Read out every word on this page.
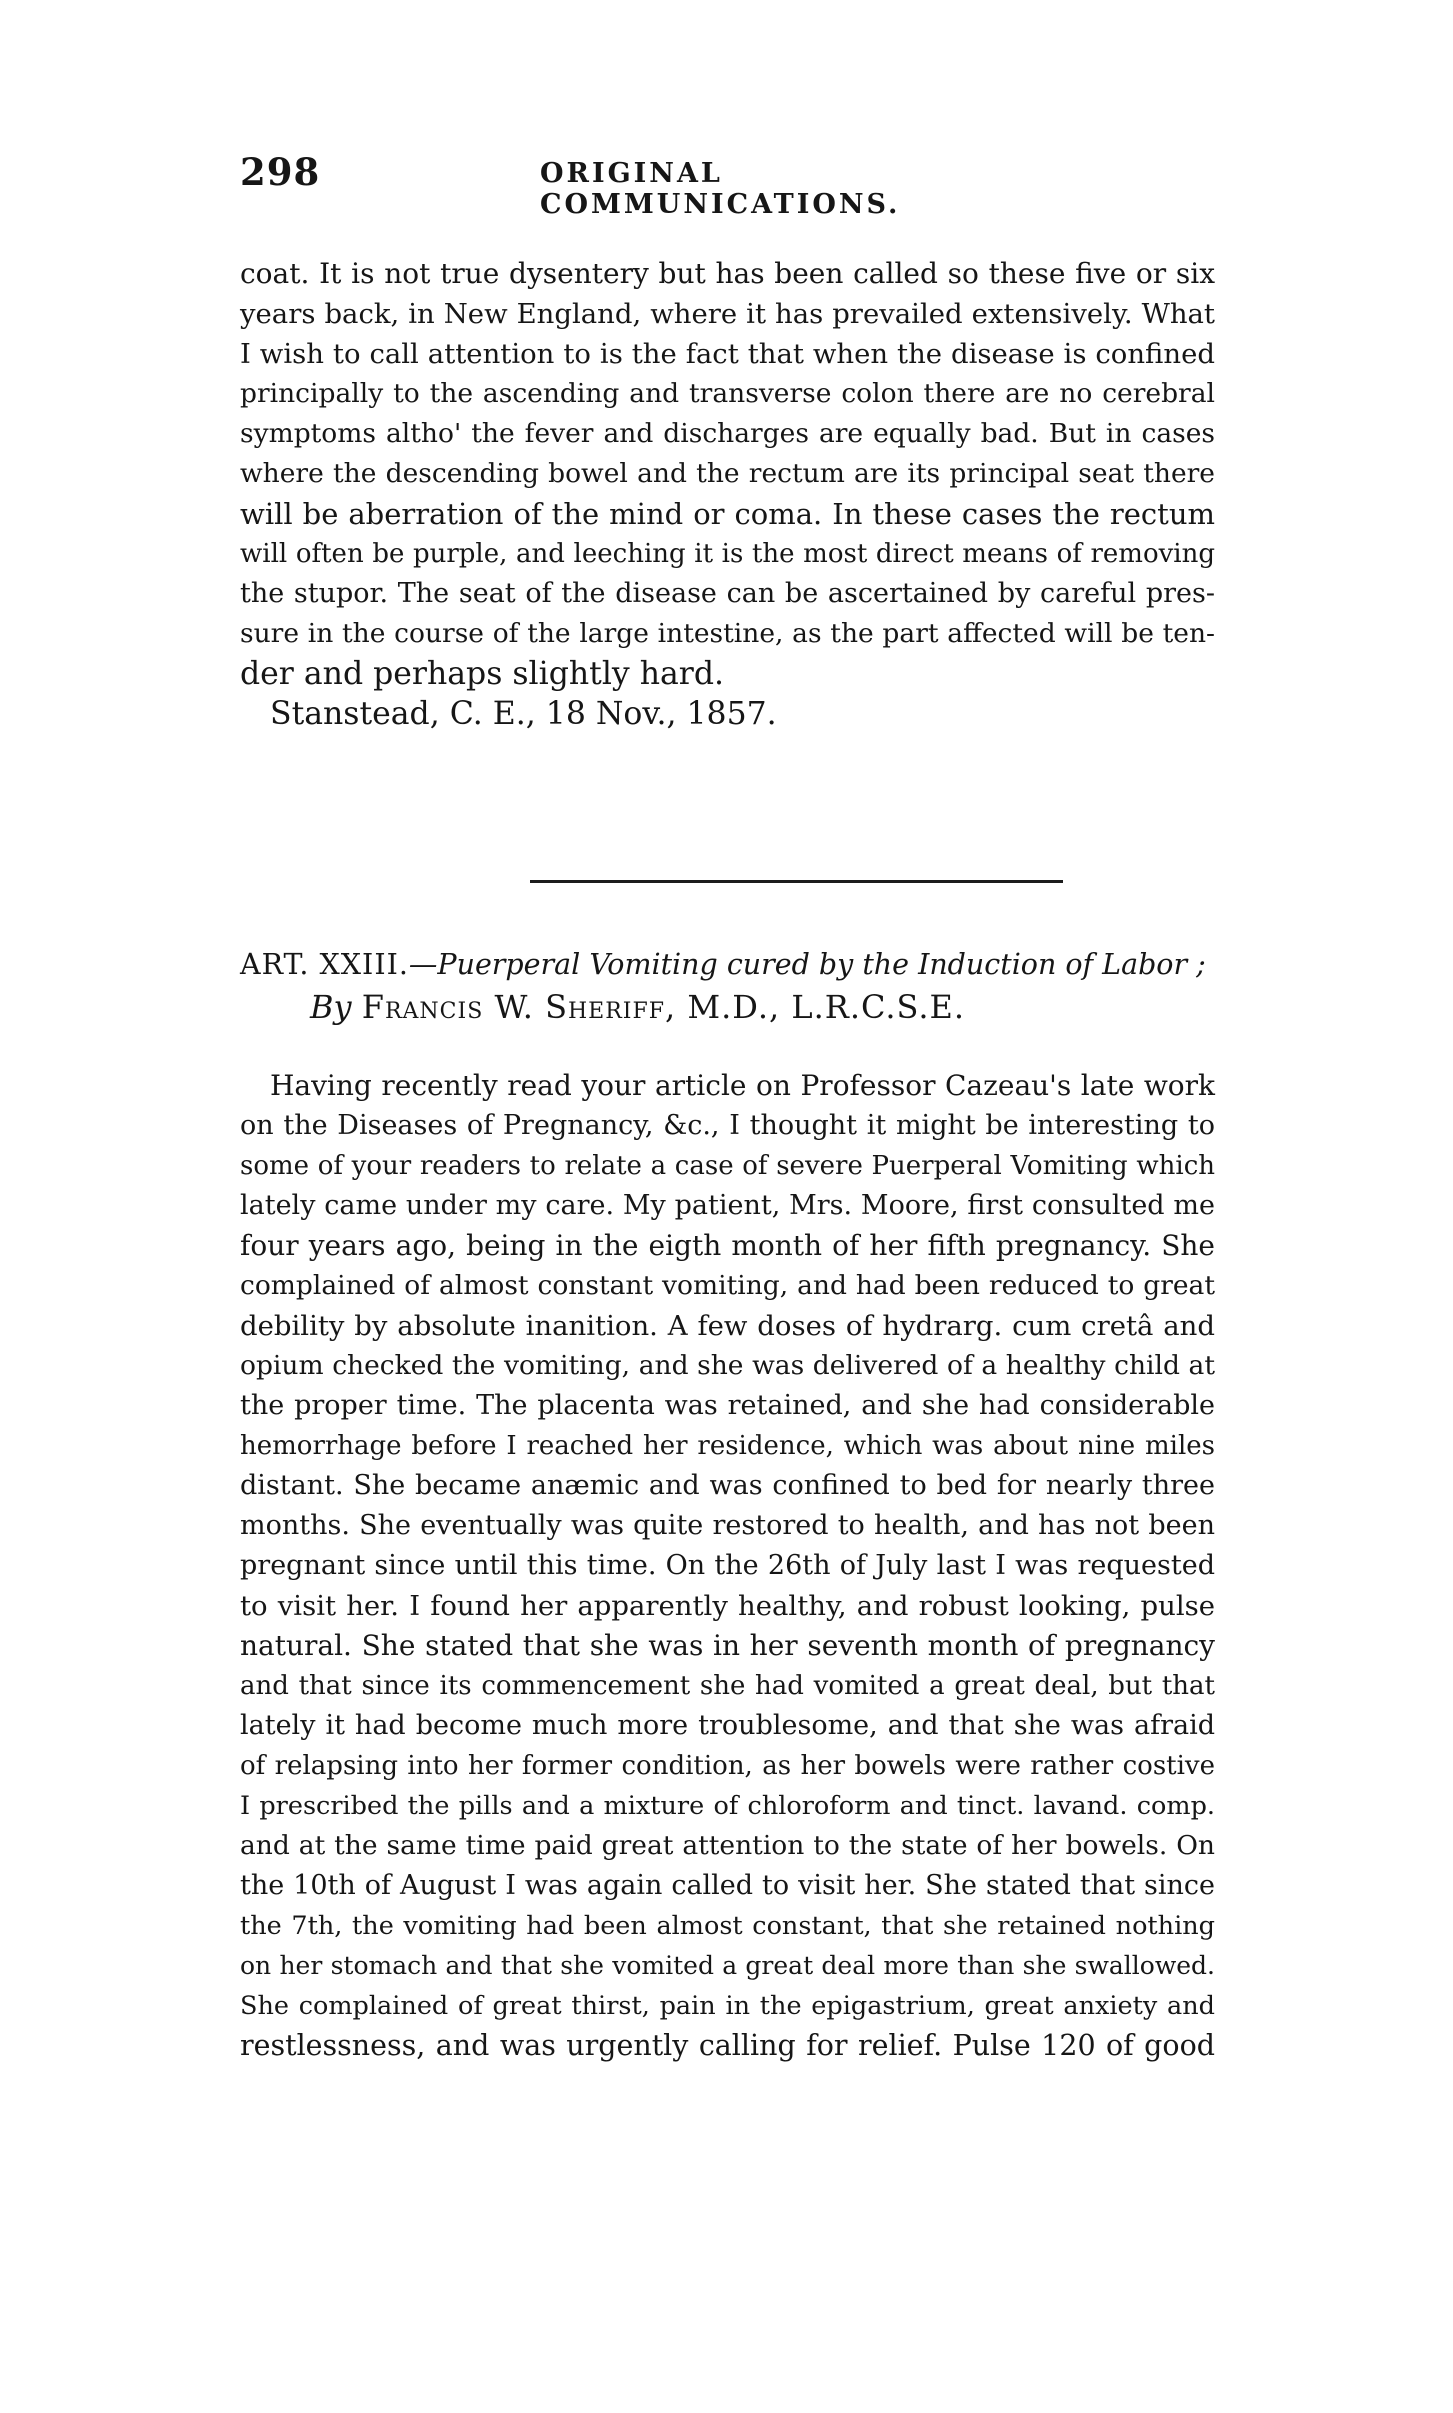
298	ORIGINAL COMMUNICATIONS.
coat. It is not true dysentery but has been called so these five or six
years back, in New England, where it has prevailed extensively. What
I wish to call attention to is the fact that when the disease is confined
principally to the ascending and transverse colon there are no cerebral
symptoms altho' the fever and discharges are equally bad. But in cases
where the descending bowel and the rectum are its principal seat there
will be aberration of the mind or coma. In these cases the rectum
will often be purple, and leeching it is the most direct means of removing
the stupor. The seat of the disease can be ascertained by careful pres-
sure in the course of the large intestine, as the part affected will be ten-
der and perhaps slightly hard.
Stanstead, C. E., 18 Nov., 1857.
ART. XXIII.—Puerperal Vomiting cured by the Induction of Labor ;
By Francis W. Sheriff, M.D., L.R.C.S.E.
Having recently read your article on Professor Cazeau's late work
on the Diseases of Pregnancy, &c., I thought it might be interesting to
some of your readers to relate a case of severe Puerperal Vomiting which
lately came under my care. My patient, Mrs. Moore, first consulted me
four years ago, being in the eigth month of her fifth pregnancy. She
complained of almost constant vomiting, and had been reduced to great
debility by absolute inanition. A few doses of hydrarg. cum cretâ and
opium checked the vomiting, and she was delivered of a healthy child at
the proper time. The placenta was retained, and she had considerable
hemorrhage before I reached her residence, which was about nine miles
distant. She became anæmic and was confined to bed for nearly three
months. She eventually was quite restored to health, and has not been
pregnant since until this time. On the 26th of July last I was requested
to visit her. I found her apparently healthy, and robust looking, pulse
natural. She stated that she was in her seventh month of pregnancy
and that since its commencement she had vomited a great deal, but that
lately it had become much more troublesome, and that she was afraid
of relapsing into her former condition, as her bowels were rather costive
I prescribed the pills and a mixture of chloroform and tinct. lavand. comp.
and at the same time paid great attention to the state of her bowels. On
the 10th of August I was again called to visit her. She stated that since
the 7th, the vomiting had been almost constant, that she retained nothing
on her stomach and that she vomited a great deal more than she swallowed.
She complained of great thirst, pain in the epigastrium, great anxiety and
restlessness, and was urgently calling for relief. Pulse 120 of good
